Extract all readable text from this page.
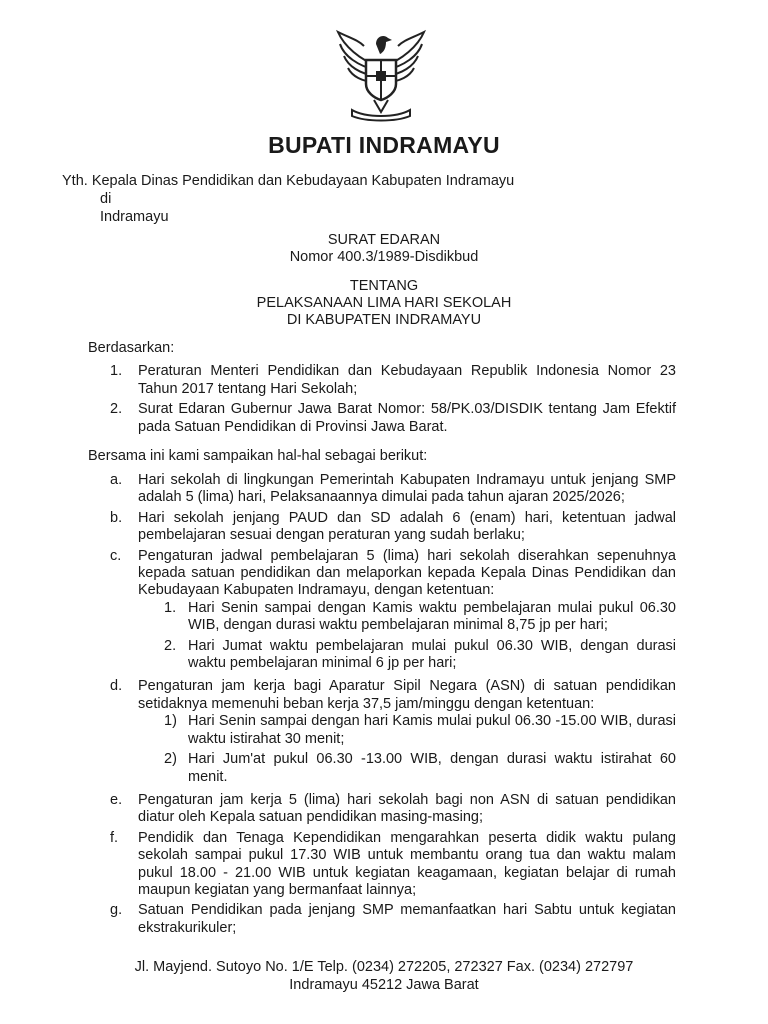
BUPATI INDRAMAYU
Yth. Kepala Dinas Pendidikan dan Kebudayaan Kabupaten Indramayu
di
Indramayu
SURAT EDARAN
Nomor 400.3/1989-Disdikbud
TENTANG
PELAKSANAAN LIMA HARI SEKOLAH
DI KABUPATEN INDRAMAYU
Berdasarkan:
1.	Peraturan Menteri Pendidikan dan Kebudayaan Republik Indonesia Nomor 23 Tahun 2017 tentang Hari Sekolah;
2.	Surat Edaran Gubernur Jawa Barat Nomor: 58/PK.03/DISDIK tentang Jam Efektif pada Satuan Pendidikan di Provinsi Jawa Barat.
Bersama ini kami sampaikan hal-hal sebagai berikut:
a.	Hari sekolah di lingkungan Pemerintah Kabupaten Indramayu untuk jenjang SMP adalah 5 (lima) hari, Pelaksanaannya dimulai pada tahun ajaran 2025/2026;
b.	Hari sekolah jenjang PAUD dan SD adalah 6 (enam) hari, ketentuan jadwal pembelajaran sesuai dengan peraturan yang sudah berlaku;
c.	Pengaturan jadwal pembelajaran 5 (lima) hari sekolah diserahkan sepenuhnya kepada satuan pendidikan dan melaporkan kepada Kepala Dinas Pendidikan dan Kebudayaan Kabupaten Indramayu, dengan ketentuan:
1. Hari Senin sampai dengan Kamis waktu pembelajaran mulai pukul 06.30 WIB, dengan durasi waktu pembelajaran minimal 8,75 jp per hari;
2. Hari Jumat waktu pembelajaran mulai pukul 06.30 WIB, dengan durasi waktu pembelajaran minimal 6 jp per hari;
d.	Pengaturan jam kerja bagi Aparatur Sipil Negara (ASN) di satuan pendidikan setidaknya memenuhi beban kerja 37,5 jam/minggu dengan ketentuan:
1) Hari Senin sampai dengan hari Kamis mulai pukul 06.30 -15.00 WIB, durasi waktu istirahat 30 menit;
2) Hari Jum'at pukul 06.30 -13.00 WIB, dengan durasi waktu istirahat 60 menit.
e.	Pengaturan jam kerja 5 (lima) hari sekolah bagi non ASN di satuan pendidikan diatur oleh Kepala satuan pendidikan masing-masing;
f.	Pendidik dan Tenaga Kependidikan mengarahkan peserta didik waktu pulang sekolah sampai pukul 17.30 WIB untuk membantu orang tua dan waktu malam pukul 18.00 - 21.00 WIB untuk kegiatan keagamaan, kegiatan belajar di rumah maupun kegiatan yang bermanfaat lainnya;
g.	Satuan Pendidikan pada jenjang SMP memanfaatkan hari Sabtu untuk kegiatan ekstrakurikuler;
Jl. Mayjend. Sutoyo No. 1/E Telp. (0234) 272205, 272327 Fax. (0234) 272797
Indramayu 45212 Jawa Barat
